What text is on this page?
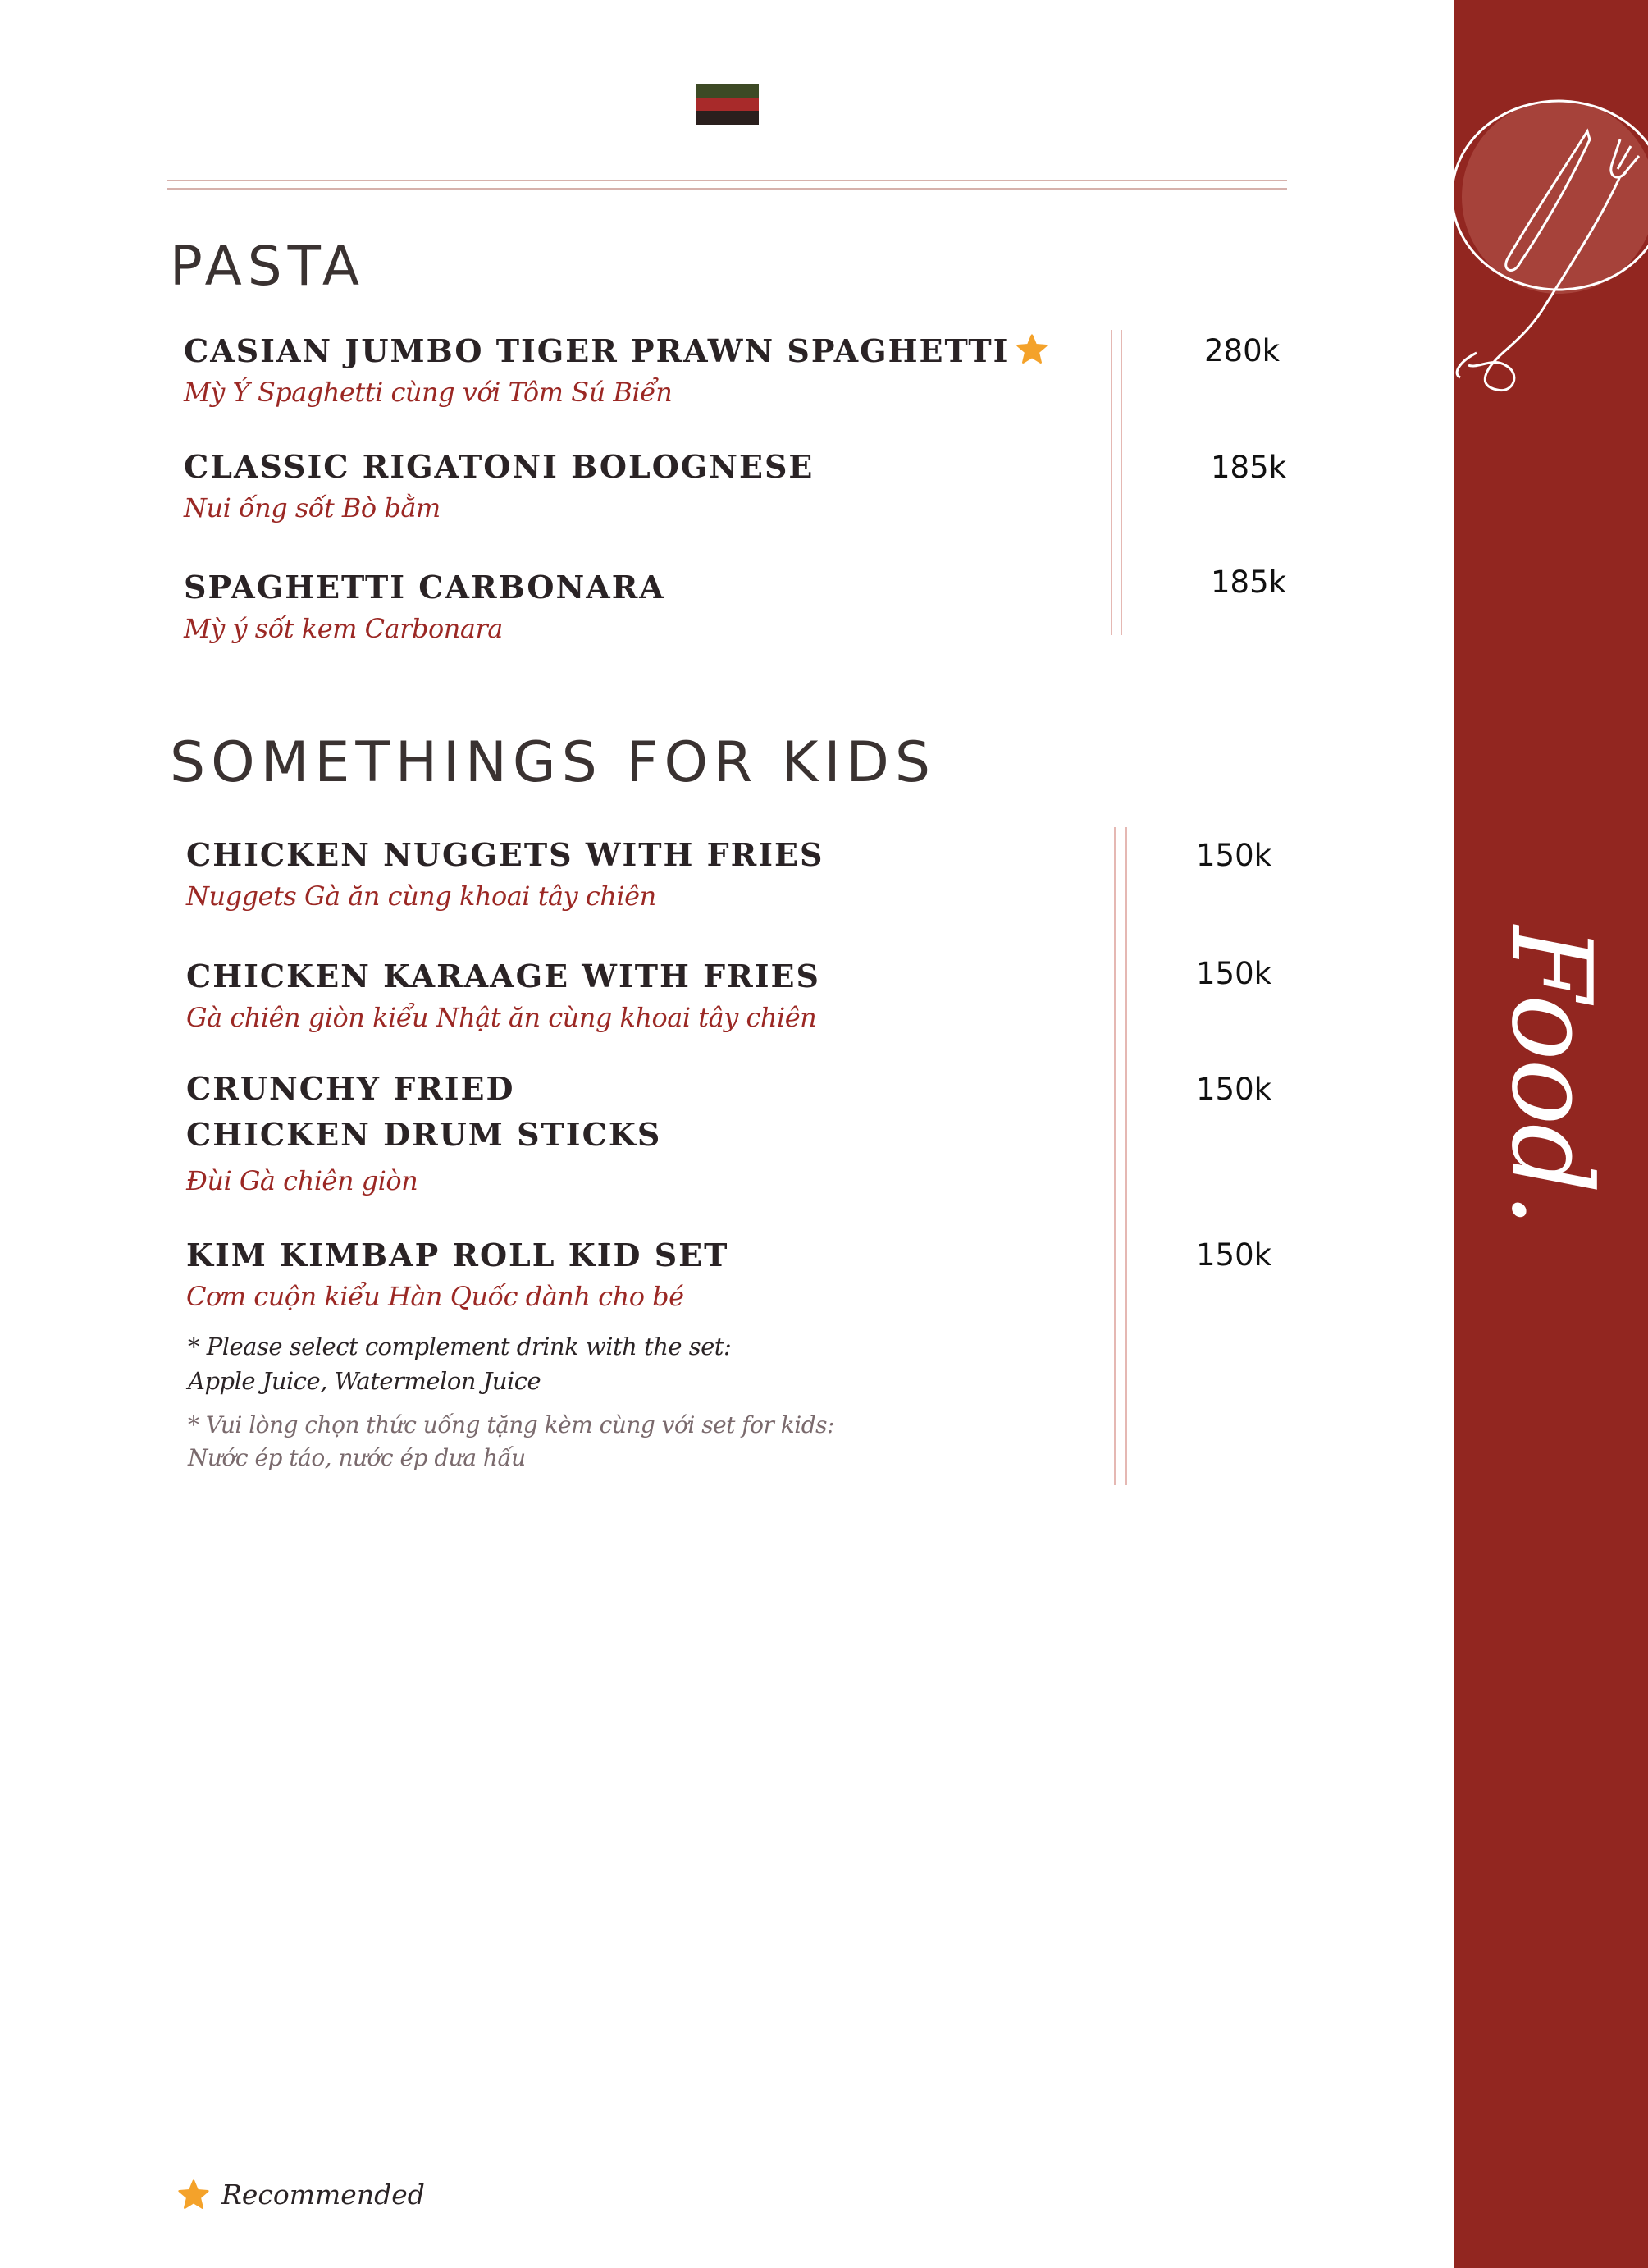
Food.
PASTA
CASIAN JUMBO TIGER PRAWN SPAGHETTI
Mỳ Ý Spaghetti cùng với Tôm Sú Biển
280k
CLASSIC RIGATONI BOLOGNESE
Nui ống sốt Bò bằm
185k
SPAGHETTI CARBONARA
Mỳ ý sốt kem Carbonara
185k
SOMETHINGS FOR KIDS
CHICKEN NUGGETS WITH FRIES
Nuggets Gà ăn cùng khoai tây chiên
150k
CHICKEN KARAAGE WITH FRIES
Gà chiên giòn kiểu Nhật ăn cùng khoai tây chiên
150k
CRUNCHY FRIED
CHICKEN DRUM STICKS
Đùi Gà chiên giòn
150k
KIM KIMBAP ROLL KID SET
Cơm cuộn kiểu Hàn Quốc dành cho bé
150k
* Please select complement drink with the set:
Apple Juice, Watermelon Juice
* Vui lòng chọn thức uống tặng kèm cùng với set for kids:
Nước ép táo, nước ép dưa hấu
Recommended
